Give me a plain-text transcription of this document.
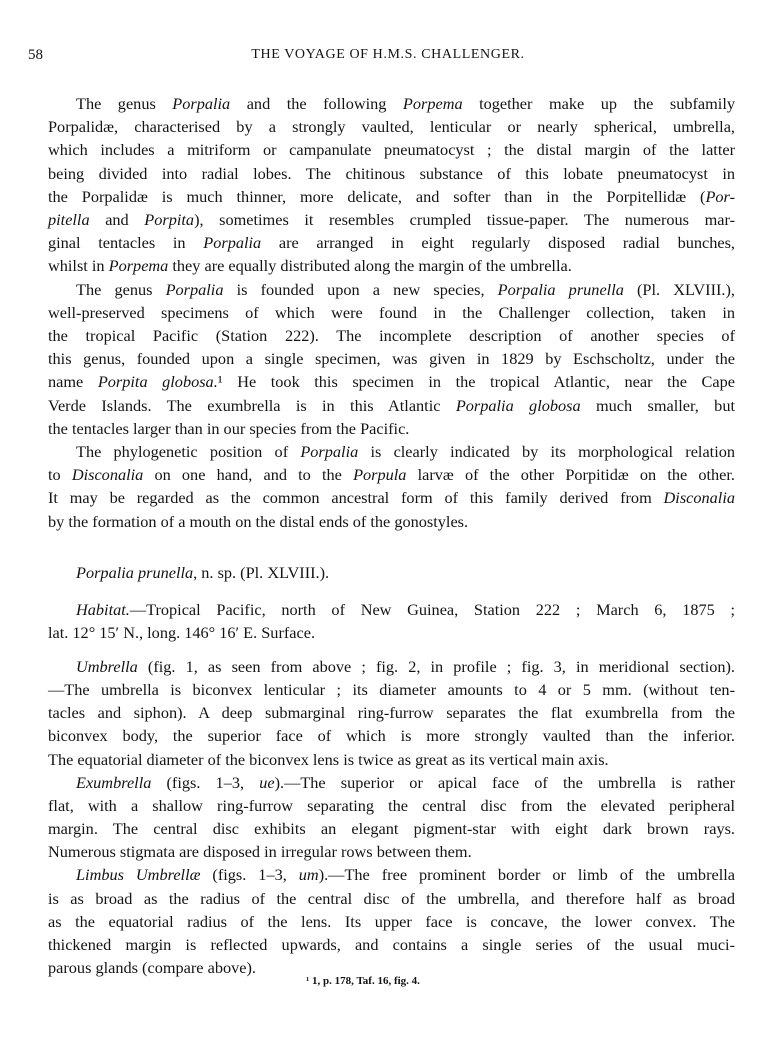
58	THE VOYAGE OF H.M.S. CHALLENGER.
The genus Porpalia and the following Porpema together make up the subfamily
Porpalidæ, characterised by a strongly vaulted, lenticular or nearly spherical, umbrella,
which includes a mitriform or campanulate pneumatocyst ; the distal margin of the latter
being divided into radial lobes. The chitinous substance of this lobate pneumatocyst in
the Porpalidæ is much thinner, more delicate, and softer than in the Porpitellidæ (Por-
pitella and Porpita), sometimes it resembles crumpled tissue-paper. The numerous mar-
ginal tentacles in Porpalia are arranged in eight regularly disposed radial bunches,
whilst in Porpema they are equally distributed along the margin of the umbrella.
The genus Porpalia is founded upon a new species, Porpalia prunella (Pl. XLVIII.),
well-preserved specimens of which were found in the Challenger collection, taken in
the tropical Pacific (Station 222). The incomplete description of another species of
this genus, founded upon a single specimen, was given in 1829 by Eschscholtz, under the
name Porpita globosa.¹ He took this specimen in the tropical Atlantic, near the Cape
Verde Islands. The exumbrella is in this Atlantic Porpalia globosa much smaller, but
the tentacles larger than in our species from the Pacific.
The phylogenetic position of Porpalia is clearly indicated by its morphological relation
to Disconalia on one hand, and to the Porpula larvæ of the other Porpitidæ on the other.
It may be regarded as the common ancestral form of this family derived from Disconalia
by the formation of a mouth on the distal ends of the gonostyles.
Habitat.—Tropical Pacific, north of New Guinea, Station 222 ; March 6, 1875 ;
lat. 12° 15′ N., long. 146° 16′ E. Surface.
Umbrella (fig. 1, as seen from above ; fig. 2, in profile ; fig. 3, in meridional section).
—The umbrella is biconvex lenticular ; its diameter amounts to 4 or 5 mm. (without ten-
tacles and siphon). A deep submarginal ring-furrow separates the flat exumbrella from the
biconvex body, the superior face of which is more strongly vaulted than the inferior.
The equatorial diameter of the biconvex lens is twice as great as its vertical main axis.
Exumbrella (figs. 1–3, ue).—The superior or apical face of the umbrella is rather
flat, with a shallow ring-furrow separating the central disc from the elevated peripheral
margin. The central disc exhibits an elegant pigment-star with eight dark brown rays.
Numerous stigmata are disposed in irregular rows between them.
Limbus Umbrellæ (figs. 1–3, um).—The free prominent border or limb of the umbrella
is as broad as the radius of the central disc of the umbrella, and therefore half as broad
as the equatorial radius of the lens. Its upper face is concave, the lower convex. The
thickened margin is reflected upwards, and contains a single series of the usual muci-
parous glands (compare above).
Porpalia prunella, n. sp. (Pl. XLVIII.).
¹ 1, p. 178, Taf. 16, fig. 4.
